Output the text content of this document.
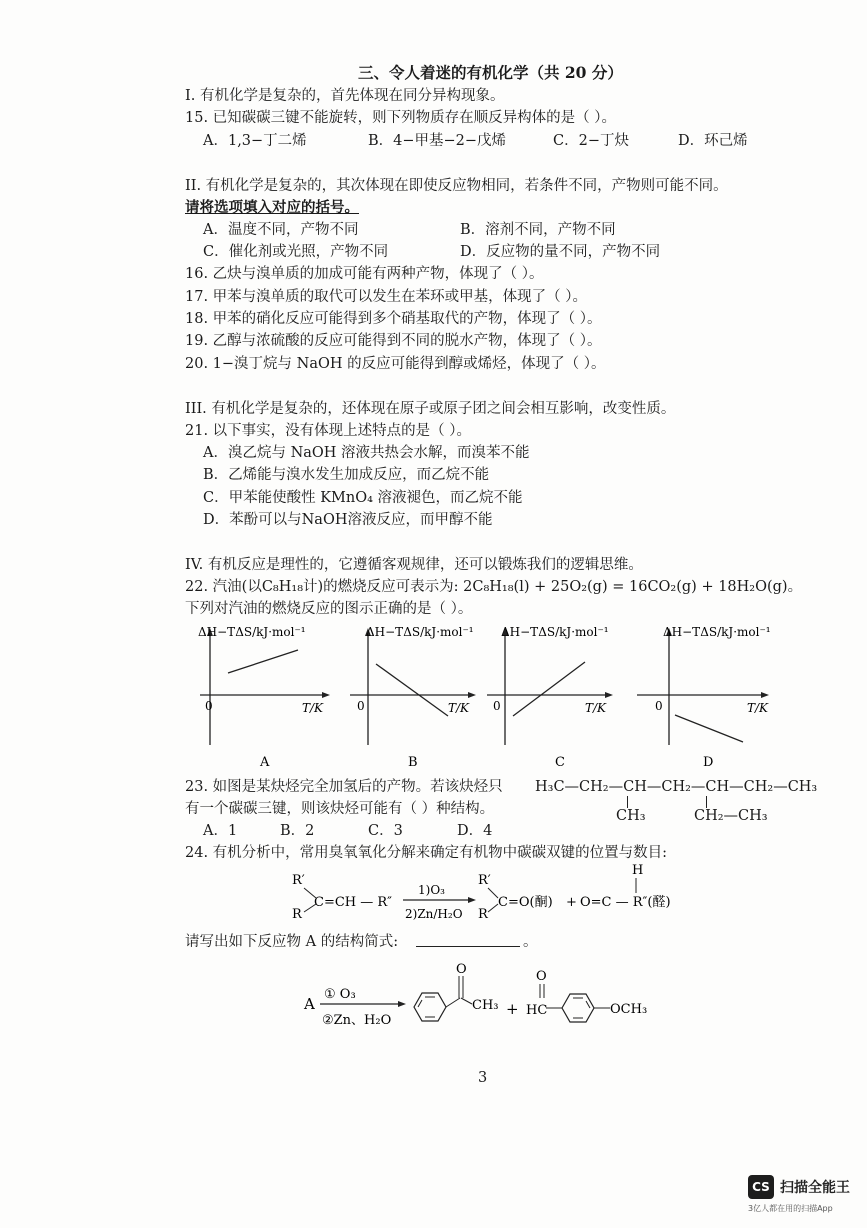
三、令人着迷的有机化学（共 20 分）
I. 有机化学是复杂的，首先体现在同分异构现象。
15. 已知碳碳三键不能旋转，则下列物质存在顺反异构体的是（ ）。
A．1,3−丁二烯	B．4−甲基−2−戊烯	C．2−丁炔	D．环己烯
II. 有机化学是复杂的，其次体现在即使反应物相同，若条件不同，产物则可能不同。
请将选项填入对应的括号。
A．温度不同，产物不同	B．溶剂不同，产物不同
C．催化剂或光照，产物不同	D．反应物的量不同，产物不同
16. 乙炔与溴单质的加成可能有两种产物，体现了（ ）。
17. 甲苯与溴单质的取代可以发生在苯环或甲基，体现了（ ）。
18. 甲苯的硝化反应可能得到多个硝基取代的产物，体现了（ ）。
19. 乙醇与浓硫酸的反应可能得到不同的脱水产物，体现了（ ）。
20. 1−溴丁烷与 NaOH 的反应可能得到醇或烯烃，体现了（ ）。
III. 有机化学是复杂的，还体现在原子或原子团之间会相互影响，改变性质。
21. 以下事实，没有体现上述特点的是（ ）。
A．溴乙烷与 NaOH 溶液共热会水解，而溴苯不能
B．乙烯能与溴水发生加成反应，而乙烷不能
C．甲苯能使酸性 KMnO₄ 溶液褪色，而乙烷不能
D．苯酚可以与NaOH溶液反应，而甲醇不能
IV. 有机反应是理性的，它遵循客观规律，还可以锻炼我们的逻辑思维。
22. 汽油(以C₈H₁₈计)的燃烧反应可表示为: 2C₈H₁₈(l) + 25O₂(g) = 16CO₂(g) + 18H₂O(g)。
下列对汽油的燃烧反应的图示正确的是（ ）。
ΔH−TΔS/kJ·mol⁻¹
T/K
0
A
ΔH−TΔS/kJ·mol⁻¹
T/K
0
B
ΔH−TΔS/kJ·mol⁻¹
T/K
0
C
ΔH−TΔS/kJ·mol⁻¹
T/K
0
D
23. 如图是某炔烃完全加氢后的产物。若该炔烃只
有一个碳碳三键，则该炔烃可能有（ ）种结构。
A．1	B．2	C．3	D．4
H₃C—CH₂—CH—CH₂—CH—CH₂—CH₃
CH₃	CH₂—CH₃
24. 有机分析中，常用臭氧氧化分解来确定有机物中碳碳双键的位置与数目:
R′
R
C=CH — R″
1)O₃
2)Zn/H₂O
R′
R
C=O(酮) +
H
O=C — R″(醛)
请写出如下反应物 A 的结构简式:	。
A
① O₃
②Zn、H₂O
O
CH₃ + HC
O
OCH₃
3
CS 扫描全能王
3亿人都在用的扫描App
